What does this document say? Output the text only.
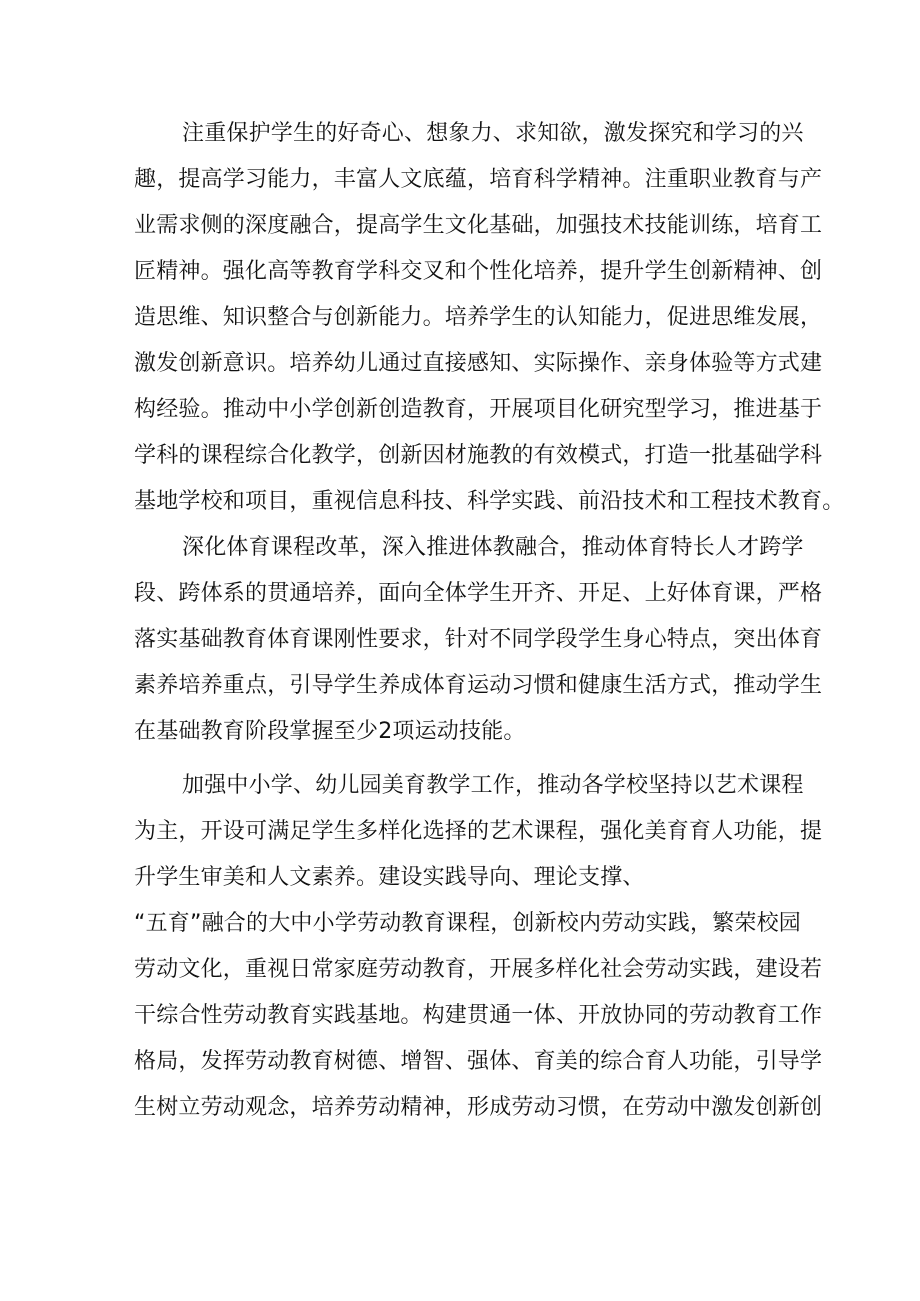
注重保护学生的好奇心、想象力、求知欲，激发探究和学习的兴
趣，提高学习能力，丰富人文底蕴，培育科学精神。注重职业教育与产
业需求侧的深度融合，提高学生文化基础，加强技术技能训练，培育工
匠精神。强化高等教育学科交叉和个性化培养，提升学生创新精神、创
造思维、知识整合与创新能力。培养学生的认知能力，促进思维发展，
激发创新意识。培养幼儿通过直接感知、实际操作、亲身体验等方式建
构经验。推动中小学创新创造教育，开展项目化研究型学习，推进基于
学科的课程综合化教学，创新因材施教的有效模式，打造一批基础学科
基地学校和项目，重视信息科技、科学实践、前沿技术和工程技术教育。
深化体育课程改革，深入推进体教融合，推动体育特长人才跨学
段、跨体系的贯通培养，面向全体学生开齐、开足、上好体育课，严格
落实基础教育体育课刚性要求，针对不同学段学生身心特点，突出体育
素养培养重点，引导学生养成体育运动习惯和健康生活方式，推动学生
在基础教育阶段掌握至少2项运动技能。
加强中小学、幼儿园美育教学工作，推动各学校坚持以艺术课程
为主，开设可满足学生多样化选择的艺术课程，强化美育育人功能，提
升学生审美和人文素养。建设实践导向、理论支撑、
“五育”融合的大中小学劳动教育课程，创新校内劳动实践，繁荣校园
劳动文化，重视日常家庭劳动教育，开展多样化社会劳动实践，建设若
干综合性劳动教育实践基地。构建贯通一体、开放协同的劳动教育工作
格局，发挥劳动教育树德、增智、强体、育美的综合育人功能，引导学
生树立劳动观念，培养劳动精神，形成劳动习惯，在劳动中激发创新创
